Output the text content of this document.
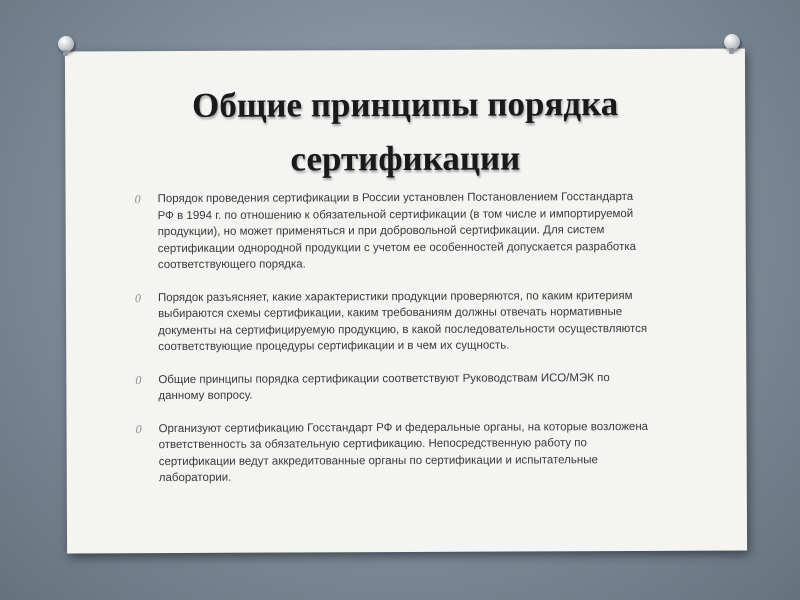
Общие принципы порядка
сертификации
0 Порядок проведения сертификации в России установлен Постановлением Госстандарта РФ в 1994 г. по отношению к обязательной сертификации (в том числе и импортируемой продукции), но может применяться и при добровольной сертификации. Для систем сертификации однородной продукции с учетом ее особенностей допускается разработка соответствующего порядка.
0 Порядок разъясняет, какие характеристики продукции проверяются, по каким критериям выбираются схемы сертификации, каким требованиям должны отвечать нормативные документы на сертифицируемую продукцию, в какой последовательности осуществляются соответствующие процедуры сертификации и в чем их сущность.
0 Общие принципы порядка сертификации соответствуют Руководствам ИСО/МЭК по данному вопросу.
0 Организуют сертификацию Госстандарт РФ и федеральные органы, на которые возложена ответственность за обязательную сертификацию. Непосредственную работу по сертификации ведут аккредитованные органы по сертификации и испытательные лаборатории.
